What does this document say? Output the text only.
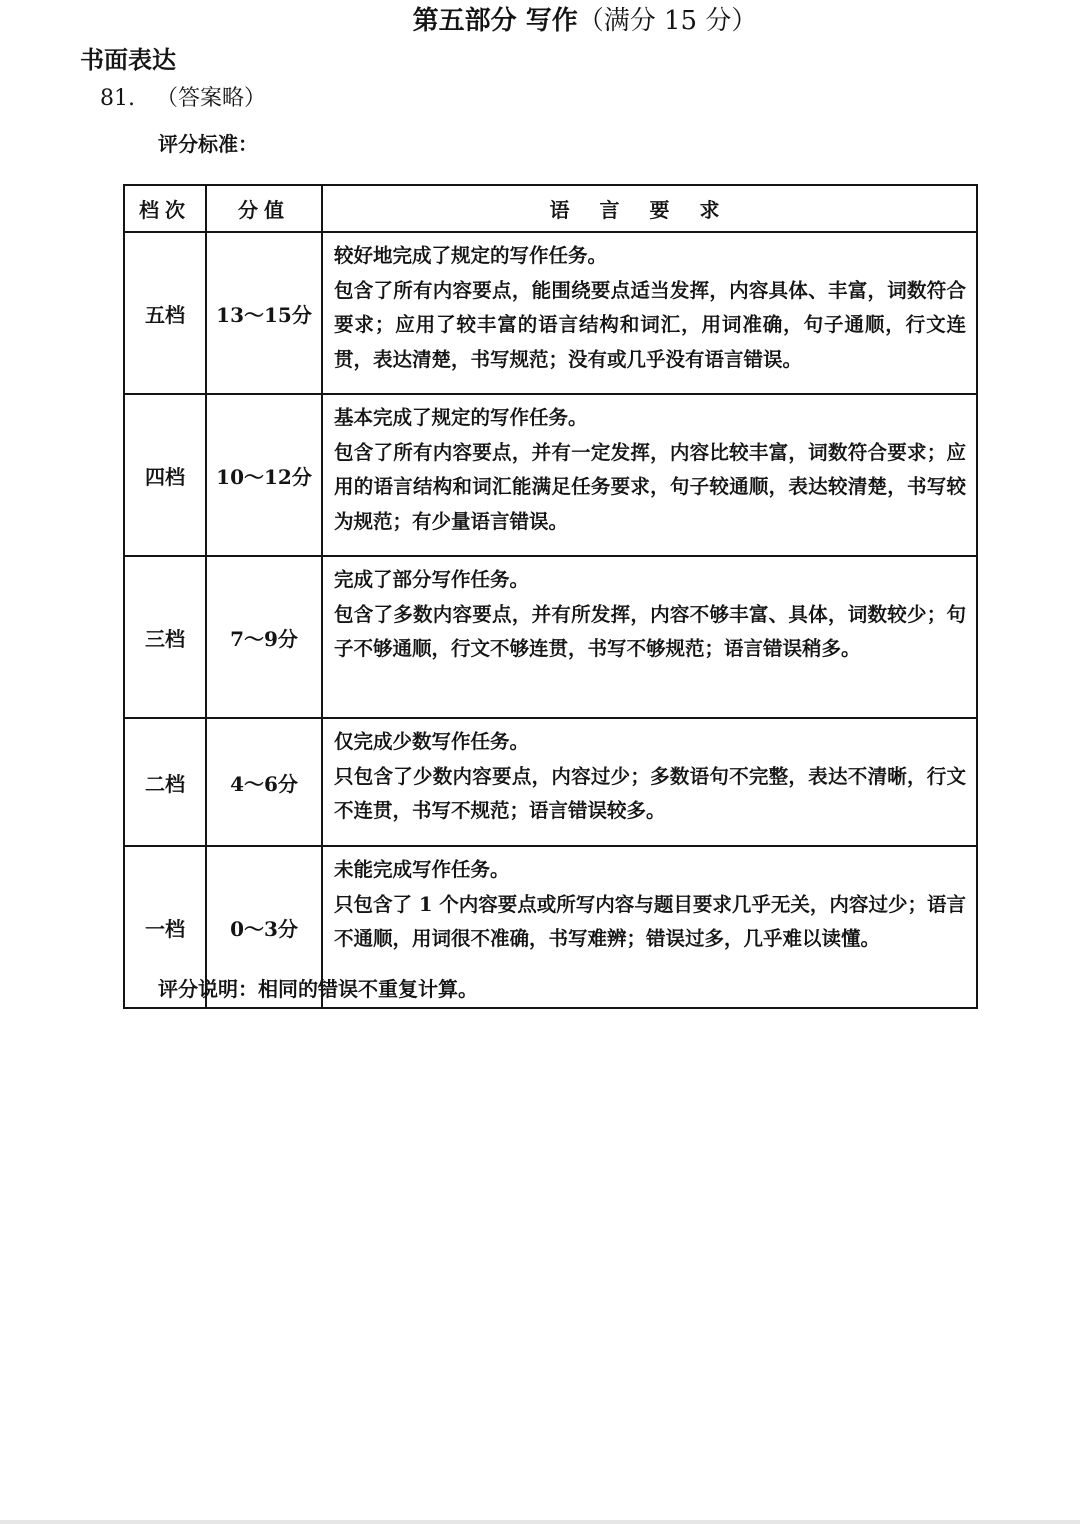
第五部分 写作（满分 15 分）
书面表达
81. （答案略）
评分标准：
档次	分值	语言要求
五档	13～15分	较好地完成了规定的写作任务。
包含了所有内容要点，能围绕要点适当发挥，内容具体、丰富，词数符合要求；应用了较丰富的语言结构和词汇，用词准确，句子通顺，行文连贯，表达清楚，书写规范；没有或几乎没有语言错误。

四档	10～12分	基本完成了规定的写作任务。
包含了所有内容要点，并有一定发挥，内容比较丰富，词数符合要求；应用的语言结构和词汇能满足任务要求，句子较通顺，表达较清楚，书写较为规范；有少量语言错误。

三档	7～9分	完成了部分写作任务。
包含了多数内容要点，并有所发挥，内容不够丰富、具体，词数较少；句子不够通顺，行文不够连贯，书写不够规范；语言错误稍多。

二档	4～6分	仅完成少数写作任务。
只包含了少数内容要点，内容过少；多数语句不完整，表达不清晰，行文不连贯，书写不规范；语言错误较多。

一档	0～3分	未能完成写作任务。
只包含了 1 个内容要点或所写内容与题目要求几乎无关，内容过少；语言不通顺，用词很不准确，书写难辨；错误过多，几乎难以读懂。
评分说明：相同的错误不重复计算。
